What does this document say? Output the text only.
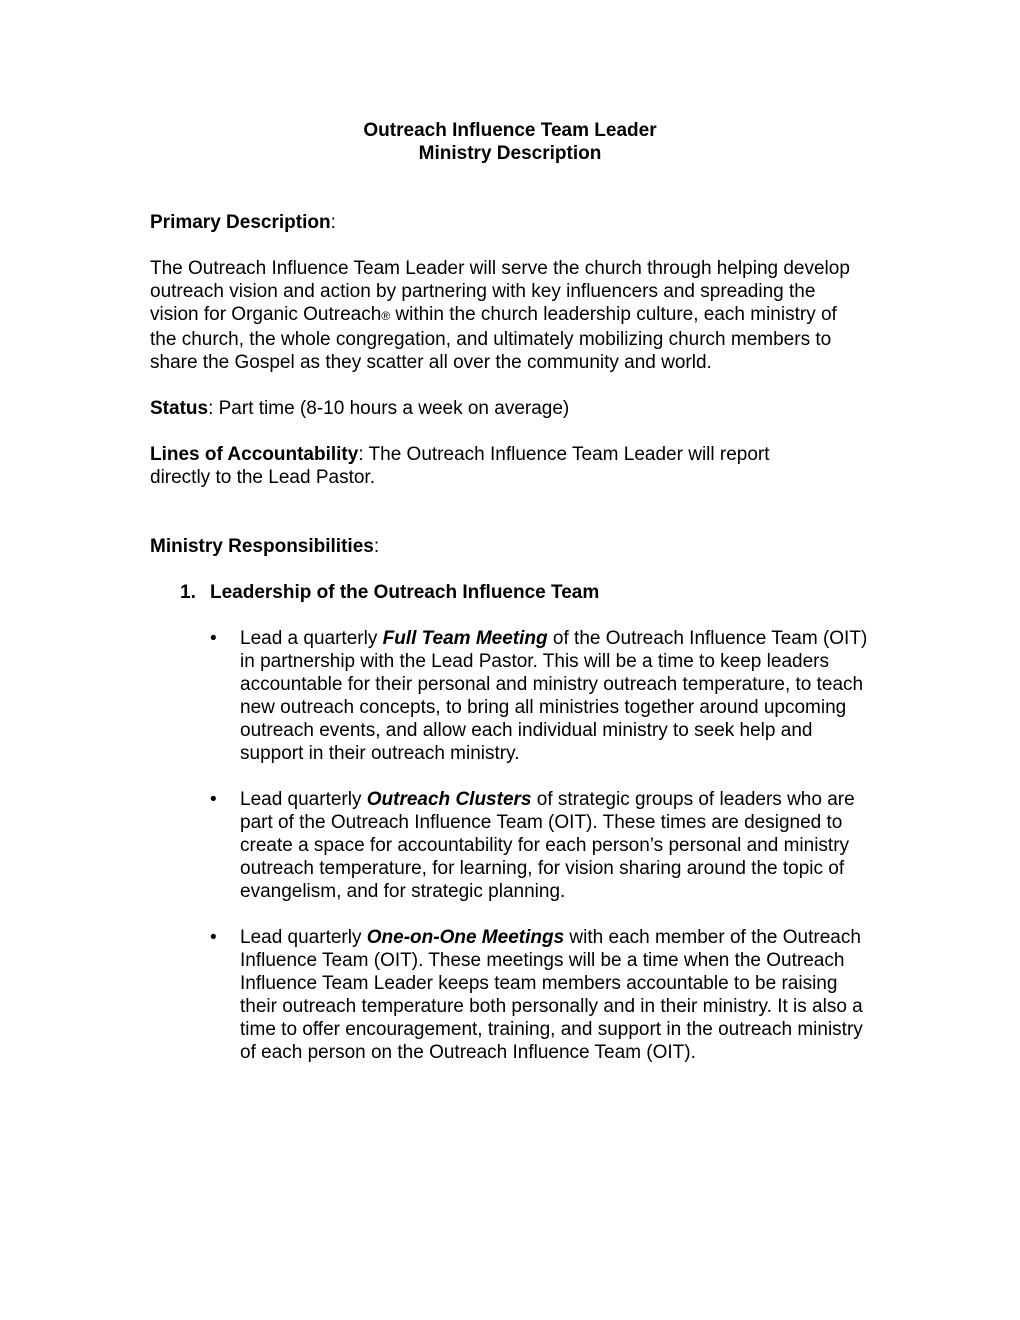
Outreach Influence Team Leader

Ministry Description

Primary Description:

The Outreach Influence Team Leader will serve the church through helping develop outreach vision and action by partnering with key influencers and spreading the vision for Organic Outreach® within the church leadership culture, each ministry of the church, the whole congregation, and ultimately mobilizing church members to share the Gospel as they scatter all over the community and world.

Status: Part time (8-10 hours a week on average)

Lines of Accountability: The Outreach Influence Team Leader will report directly to the Lead Pastor.

Ministry Responsibilities:

1. Leadership of the Outreach Influence Team

• Lead a quarterly Full Team Meeting of the Outreach Influence Team (OIT) in partnership with the Lead Pastor. This will be a time to keep leaders accountable for their personal and ministry outreach temperature, to teach new outreach concepts, to bring all ministries together around upcoming outreach events, and allow each individual ministry to seek help and support in their outreach ministry.
• Lead quarterly Outreach Clusters of strategic groups of leaders who are part of the Outreach Influence Team (OIT). These times are designed to create a space for accountability for each person’s personal and ministry outreach temperature, for learning, for vision sharing around the topic of evangelism, and for strategic planning.
• Lead quarterly One-on-One Meetings with each member of the Outreach Influence Team (OIT). These meetings will be a time when the Outreach Influence Team Leader keeps team members accountable to be raising their outreach temperature both personally and in their ministry. It is also a time to offer encouragement, training, and support in the outreach ministry of each person on the Outreach Influence Team (OIT).
